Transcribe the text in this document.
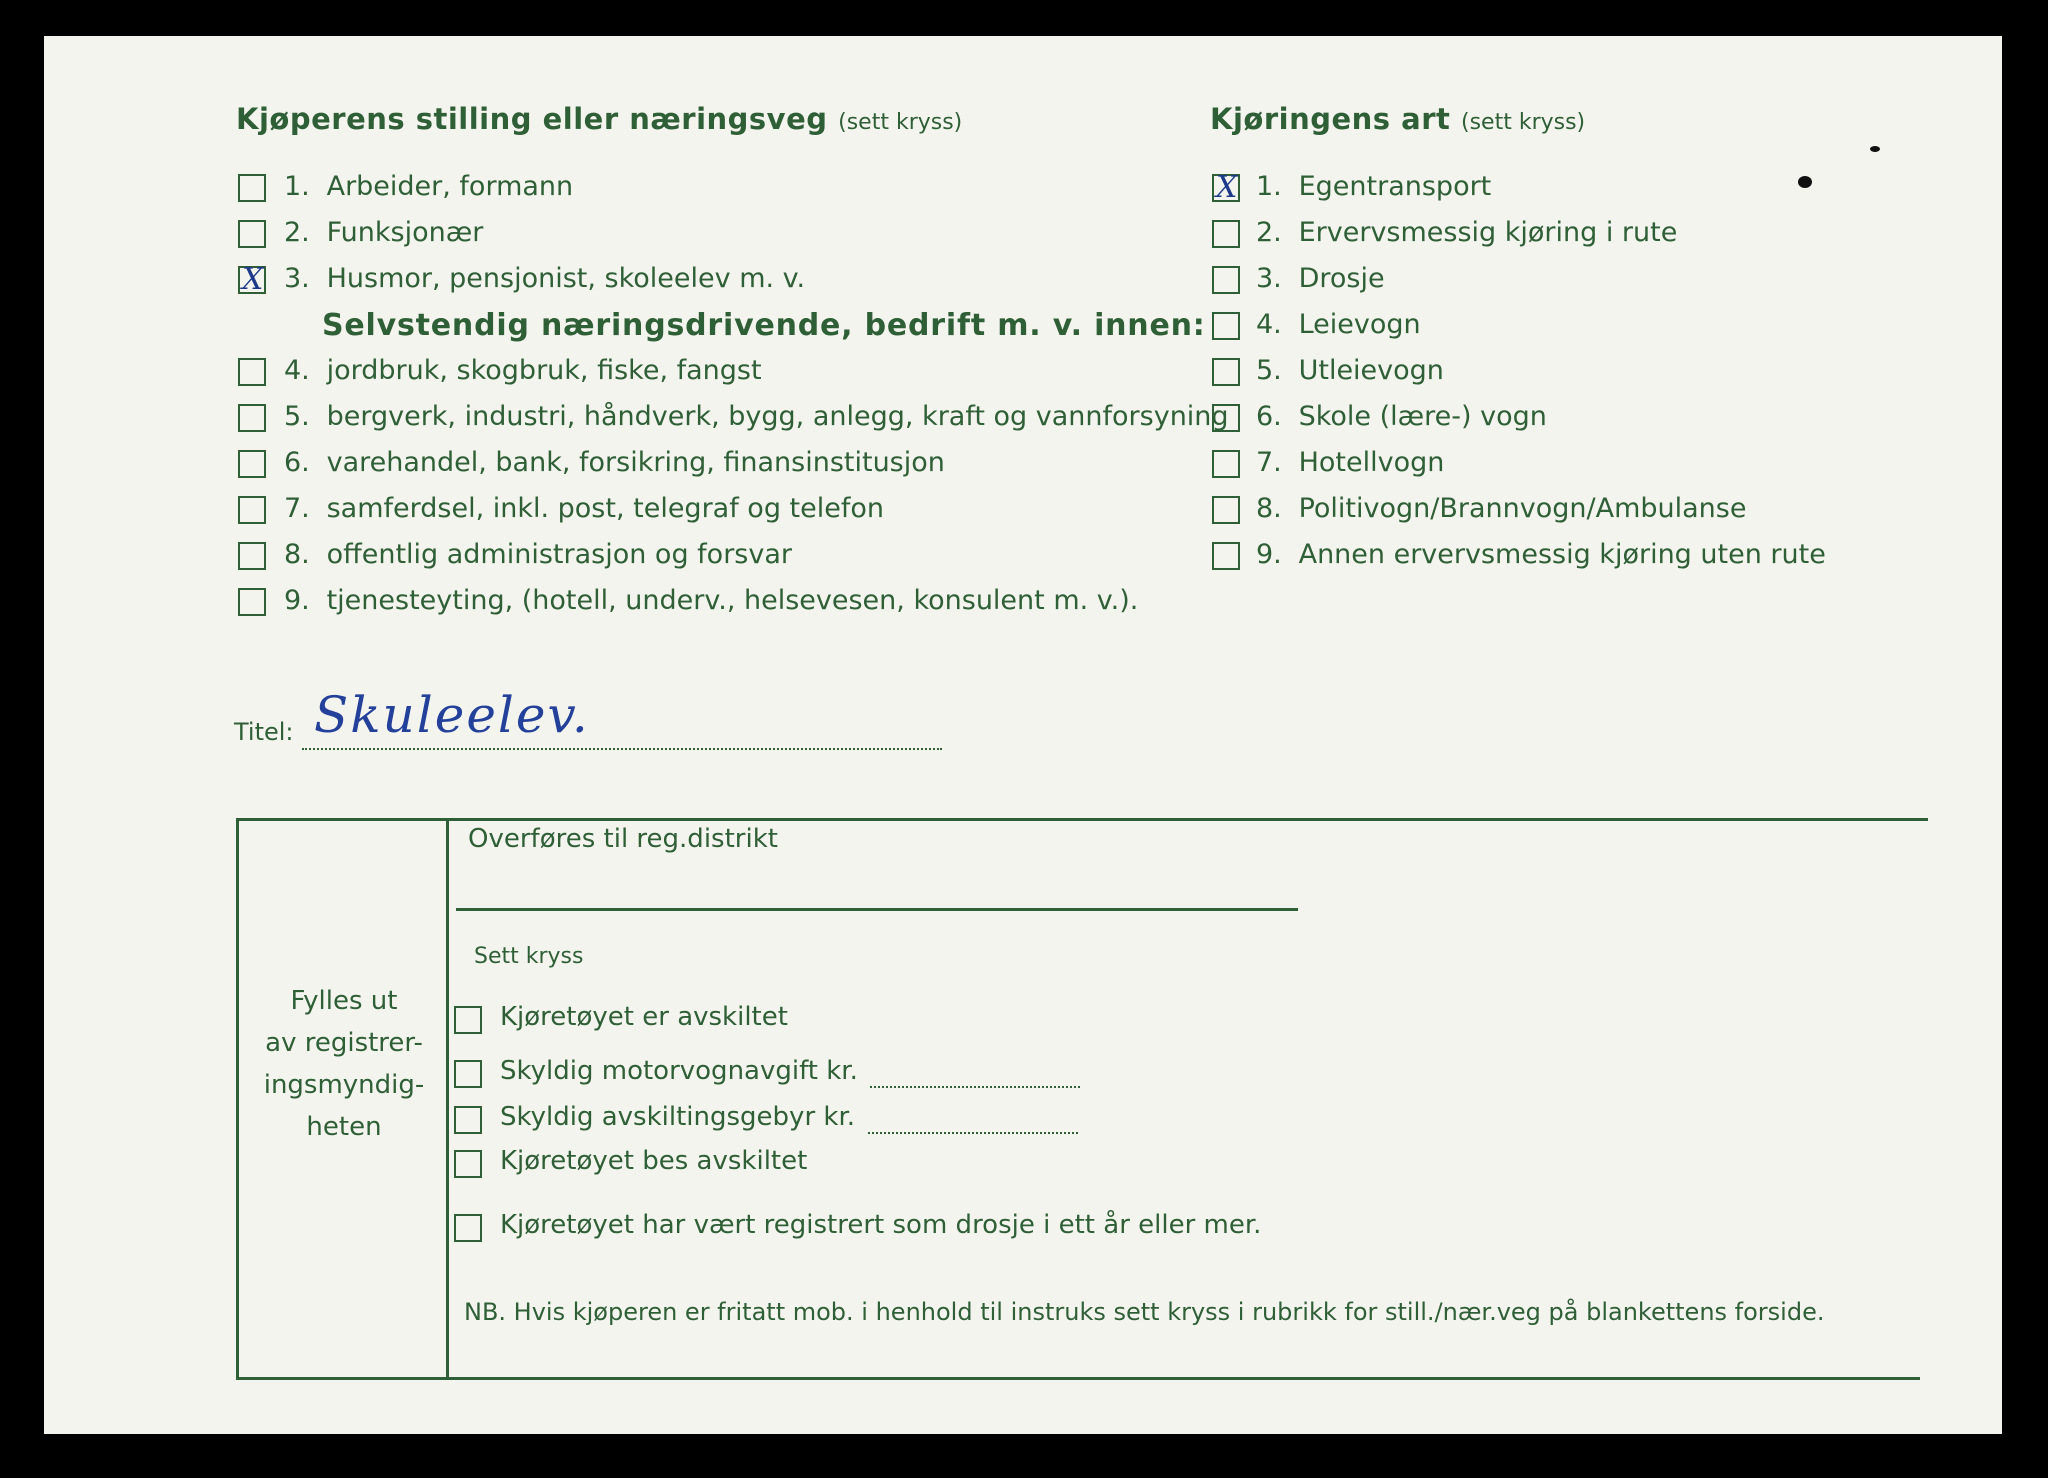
Kjøperens stilling eller næringsveg (sett kryss)
1. Arbeider, formann
2. Funksjonær
X
3. Husmor, pensjonist, skoleelev m. v.
Selvstendig næringsdrivende, bedrift m. v. innen:
4. jordbruk, skogbruk, fiske, fangst
5. bergverk, industri, håndverk, bygg, anlegg, kraft og vannforsyning
6. varehandel, bank, forsikring, finansinstitusjon
7. samferdsel, inkl. post, telegraf og telefon
8. offentlig administrasjon og forsvar
9. tjenesteyting, (hotell, underv., helsevesen, konsulent m. v.).
Kjøringens art (sett kryss)
X
1. Egentransport
2. Ervervsmessig kjøring i rute
3. Drosje
4. Leievogn
5. Utleievogn
6. Skole (lære-) vogn
7. Hotellvogn
8. Politivogn/Brannvogn/Ambulanse
9. Annen ervervsmessig kjøring uten rute
Titel: Skuleelev.
Fylles ut
av registrer-
ingsmyndig-
heten
Overføres til reg.distrikt
Sett kryss
Kjøretøyet er avskiltet
Skyldig motorvognavgift kr.
Skyldig avskiltingsgebyr kr.
Kjøretøyet bes avskiltet
Kjøretøyet har vært registrert som drosje i ett år eller mer.
NB. Hvis kjøperen er fritatt mob. i henhold til instruks sett kryss i rubrikk for still./nær.veg på blankettens forside.
